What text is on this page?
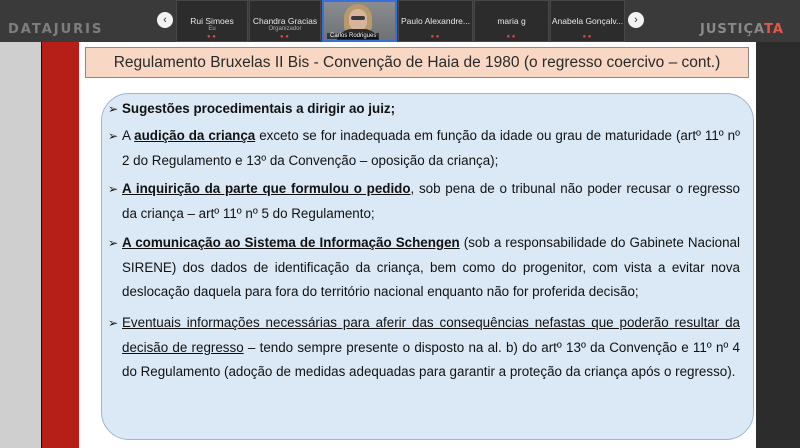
DATAJURIS
‹	Rui Simoes
Eu
● ●
Chandra Gracias
Organizador
● ●	Carlos Rodrigues
Paulo Alexandre...
● ●
maria g
● ●
Anabela Gonçalv...
● ●
›
JUSTIÇATA
Regulamento Bruxelas II Bis - Convenção de Haia de 1980 (o regresso coercivo – cont.)
➢ Sugestões procedimentais a dirigir ao juiz;
➢ A audição da criança exceto se for inadequada em função da idade ou grau de maturidade (artº 11º nº 2 do Regulamento e 13º da Convenção – oposição da criança);
➢ A inquirição da parte que formulou o pedido, sob pena de o tribunal não poder recusar o regresso da criança – artº 11º nº 5 do Regulamento;
➢ A comunicação ao Sistema de Informação Schengen (sob a responsabilidade do Gabinete Nacional SIRENE) dos dados de identificação da criança, bem como do progenitor, com vista a evitar nova deslocação daquela para fora do território nacional enquanto não for proferida decisão;
➢ Eventuais informações necessárias para aferir das consequências nefastas que poderão resultar da decisão de regresso – tendo sempre presente o disposto na al. b) do artº 13º da Convenção e 11º nº 4 do Regulamento (adoção de medidas adequadas para garantir a proteção da criança após o regresso).
